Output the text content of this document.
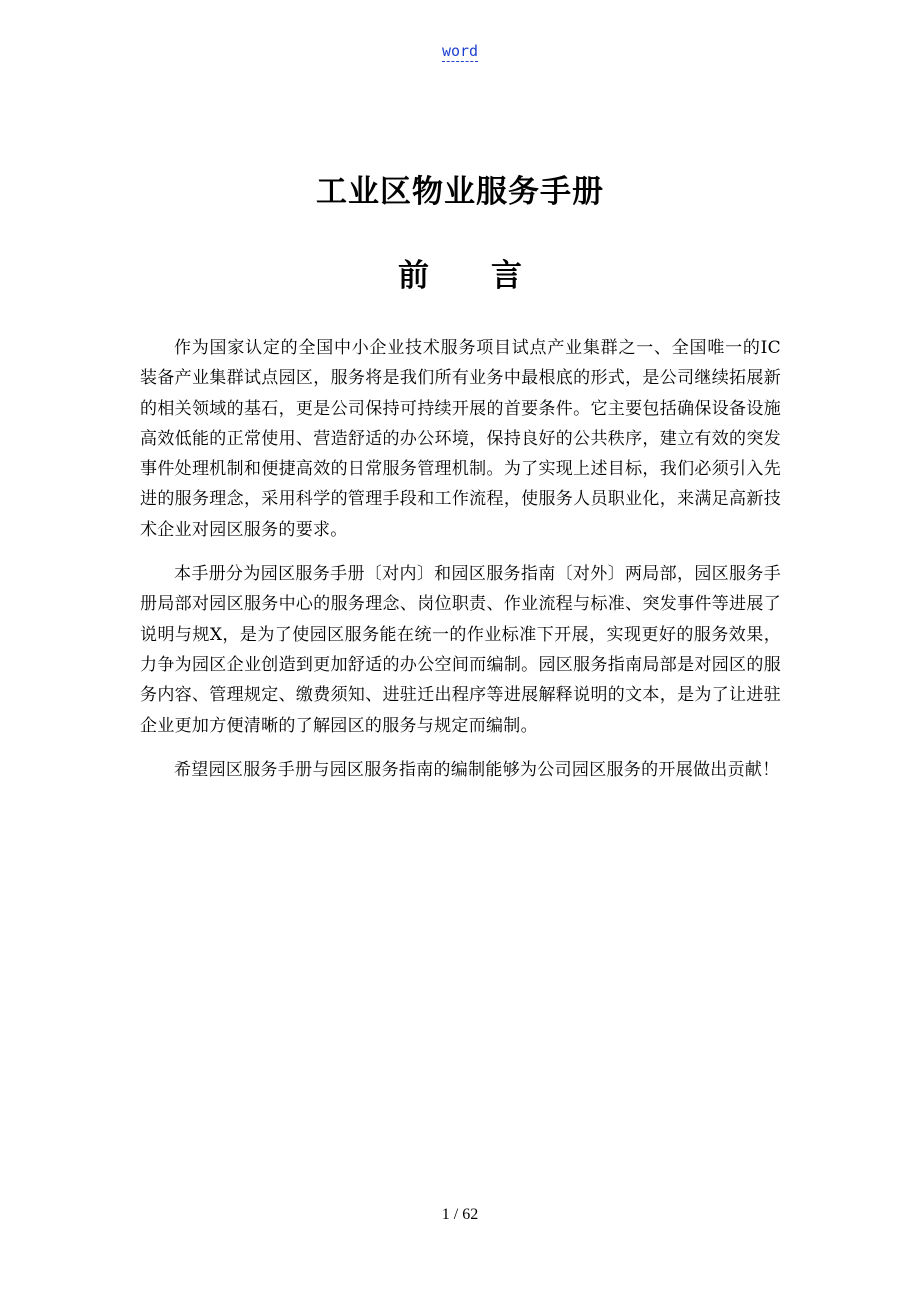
word
工业区物业服务手册
前言

作为国家认定的全国中小企业技术服务项目试点产业集群之一、全国唯一的IC装备产业集群试点园区，服务将是我们所有业务中最根底的形式，是公司继续拓展新的相关领域的基石，更是公司保持可持续开展的首要条件。它主要包括确保设备设施高效低能的正常使用、营造舒适的办公环境，保持良好的公共秩序，建立有效的突发事件处理机制和便捷高效的日常服务管理机制。为了实现上述目标，我们必须引入先进的服务理念，采用科学的管理手段和工作流程，使服务人员职业化，来满足高新技术企业对园区服务的要求。

本手册分为园区服务手册〔对内〕和园区服务指南〔对外〕两局部，园区服务手册局部对园区服务中心的服务理念、岗位职责、作业流程与标准、突发事件等进展了说明与规X，是为了使园区服务能在统一的作业标准下开展，实现更好的服务效果，力争为园区企业创造到更加舒适的办公空间而编制。园区服务指南局部是对园区的服务内容、管理规定、缴费须知、进驻迁出程序等进展解释说明的文本，是为了让进驻企业更加方便清晰的了解园区的服务与规定而编制。

希望园区服务手册与园区服务指南的编制能够为公司园区服务的开展做出贡献！

1 / 62
